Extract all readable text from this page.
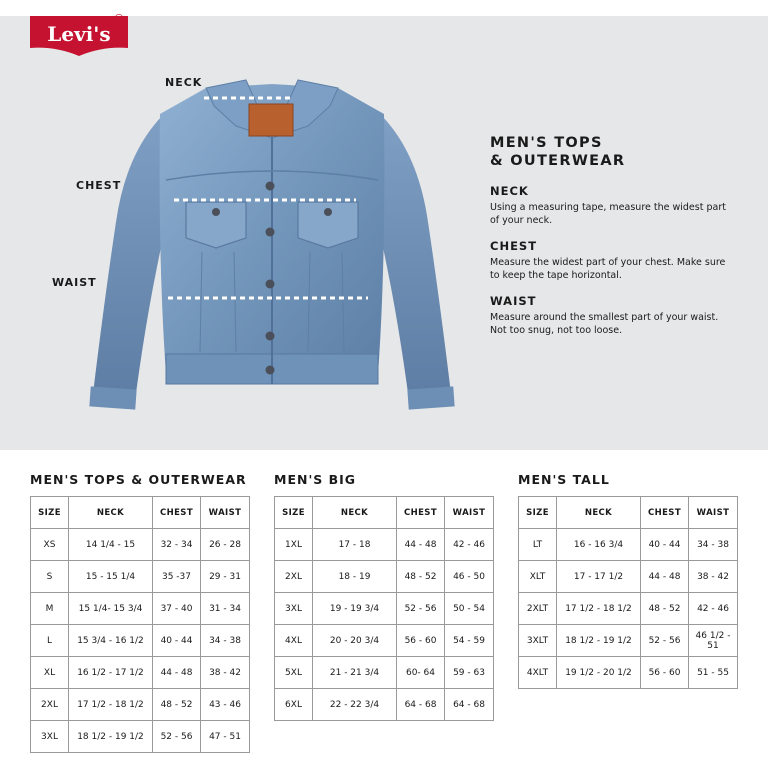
Levi's
®
NECK
CHEST
WAIST
MEN'S TOPS
& OUTERWEAR
NECK

Using a measuring tape, measure the widest part of your neck.

CHEST

Measure the widest part of your chest. Make sure to keep the tape horizontal.

WAIST

Measure around the smallest part of your waist. Not too snug, not too loose.

MEN'S TOPS & OUTERWEAR
SIZE	NECK	CHEST	WAIST
XS	14 1/4 - 15	32 - 34	26 - 28
S	15 - 15 1/4	35 -37	29 - 31
M	15 1/4- 15 3/4	37 - 40	31 - 34
L	15 3/4 - 16 1/2	40 - 44	34 - 38
XL	16 1/2 - 17 1/2	44 - 48	38 - 42
2XL	17 1/2 - 18 1/2	48 - 52	43 - 46
3XL	18 1/2 - 19 1/2	52 - 56	47 - 51
MEN'S BIG
SIZE	NECK	CHEST	WAIST
1XL	17 - 18	44 - 48	42 - 46
2XL	18 - 19	48 - 52	46 - 50
3XL	19 - 19 3/4	52 - 56	50 - 54
4XL	20 - 20 3/4	56 - 60	54 - 59
5XL	21 - 21 3/4	60- 64	59 - 63
6XL	22 - 22 3/4	64 - 68	64 - 68
MEN'S TALL
SIZE	NECK	CHEST	WAIST
LT	16 - 16 3/4	40 - 44	34 - 38
XLT	17 - 17 1/2	44 - 48	38 - 42
2XLT	17 1/2 - 18 1/2	48 - 52	42 - 46
3XLT	18 1/2 - 19 1/2	52 - 56	46 1/2 - 51
4XLT	19 1/2 - 20 1/2	56 - 60	51 - 55
